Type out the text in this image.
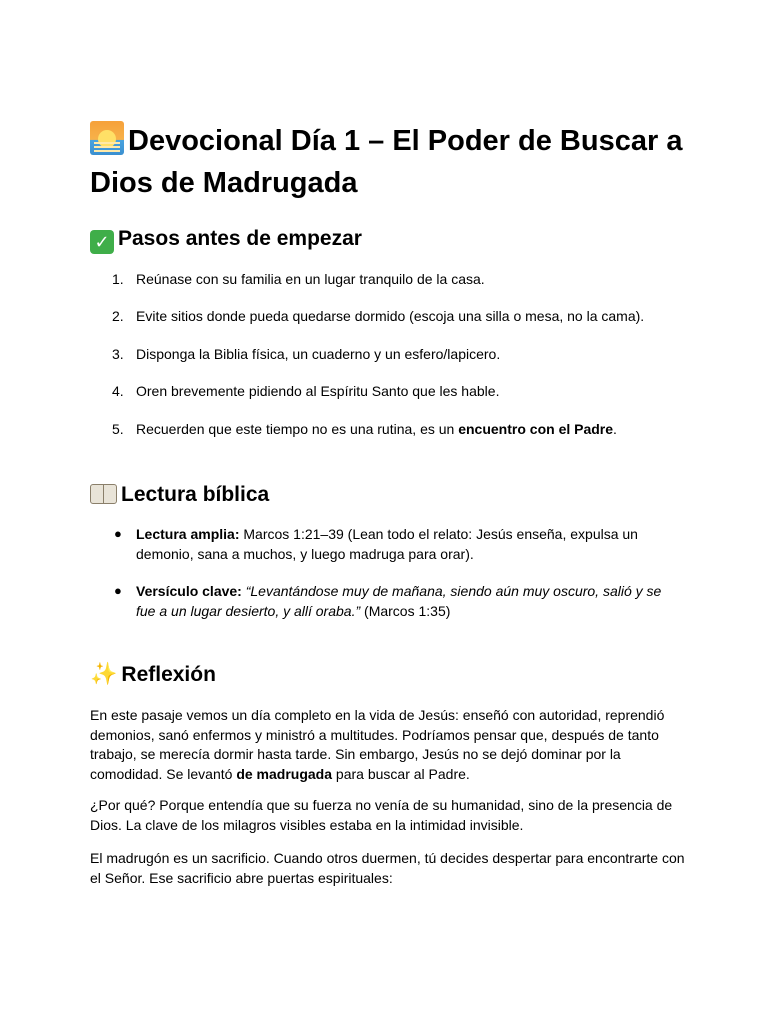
Devocional Día 1 – El Poder de Buscar a Dios de Madrugada
✓ Pasos antes de empezar
1. Reúnase con su familia en un lugar tranquilo de la casa.
2. Evite sitios donde pueda quedarse dormido (escoja una silla o mesa, no la cama).
3. Disponga la Biblia física, un cuaderno y un esfero/lapicero.
4. Oren brevemente pidiendo al Espíritu Santo que les hable.
5. Recuerden que este tiempo no es una rutina, es un encuentro con el Padre.
Lectura bíblica
● Lectura amplia: Marcos 1:21–39 (Lean todo el relato: Jesús enseña, expulsa un demonio, sana a muchos, y luego madruga para orar).
● Versículo clave: “Levantándose muy de mañana, siendo aún muy oscuro, salió y se fue a un lugar desierto, y allí oraba.” (Marcos 1:35)
✨ Reflexión

En este pasaje vemos un día completo en la vida de Jesús: enseñó con autoridad, reprendió demonios, sanó enfermos y ministró a multitudes. Podríamos pensar que, después de tanto trabajo, se merecía dormir hasta tarde. Sin embargo, Jesús no se dejó dominar por la comodidad. Se levantó de madrugada para buscar al Padre.

¿Por qué? Porque entendía que su fuerza no venía de su humanidad, sino de la presencia de Dios. La clave de los milagros visibles estaba en la intimidad invisible.

El madrugón es un sacrificio. Cuando otros duermen, tú decides despertar para encontrarte con el Señor. Ese sacrificio abre puertas espirituales:
